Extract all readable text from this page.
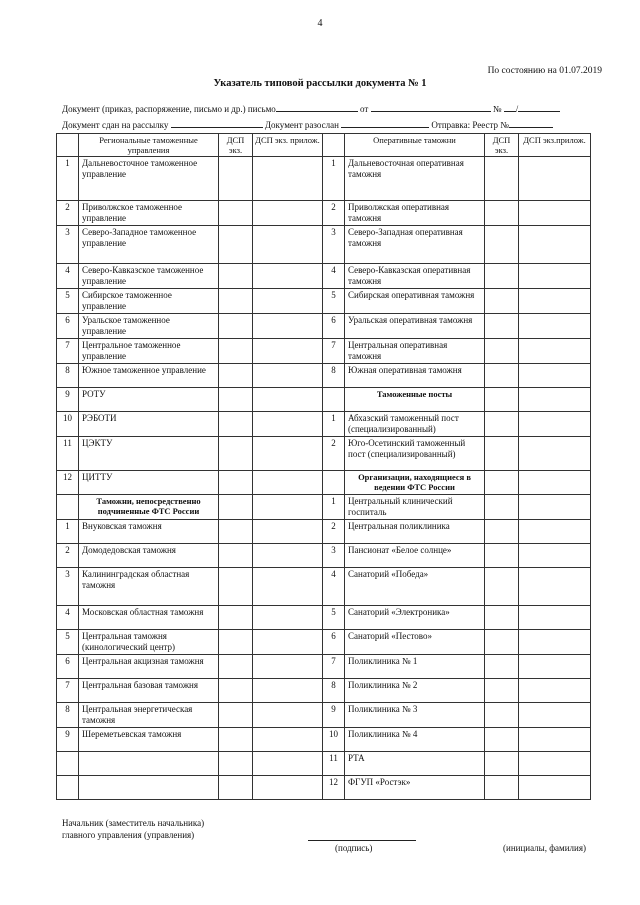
4
По состоянию на 01.07.2019
Указатель типовой рассылки документа № 1
Документ (приказ, распоряжение, письмо и др.) письмо	от	№ /
Документ сдан на рассылку	Документ разослан	Отправка: Реестр №
	Региональные таможенные управления	ДСП экз.	ДСП экз. прилож.		Оперативные таможни	ДСП экз.	ДСП экз.прилож.
1	Дальневосточное таможенное управление			1	Дальневосточная оперативная таможня		
2	Приволжское таможенное управление			2	Приволжская оперативная таможня		
3	Северо-Западное таможенное управление			3	Северо-Западная оперативная таможня		
4	Северо-Кавказское таможенное управление			4	Северо-Кавказская оперативная таможня		
5	Сибирское таможенное управление			5	Сибирская оперативная таможня		
6	Уральское таможенное управление			6	Уральская оперативная таможня		
7	Центральное таможенное управление			7	Центральная оперативная таможня		
8	Южное таможенное управление			8	Южная оперативная таможня		
9	РОТУ				Таможенные посты		
10	РЭБОТИ			1	Абхазский таможенный пост (специализированный)		
11	ЦЭКТУ			2	Юго-Осетинский таможенный пост (специализированный)		
12	ЦИТТУ				Организации, находящиеся в ведении ФТС России		
	Таможни, непосредственно подчиненные ФТС России			1	Центральный клинический госпиталь		
1	Внуковская таможня			2	Центральная поликлиника		
2	Домодедовская таможня			3	Пансионат «Белое солнце»		
3	Калининградская областная таможня			4	Санаторий «Победа»		
4	Московская областная таможня			5	Санаторий «Электроника»		
5	Центральная таможня (кинологический центр)			6	Санаторий «Пестово»		
6	Центральная акцизная таможня			7	Поликлиника № 1		
7	Центральная базовая таможня			8	Поликлиника № 2		
8	Центральная энергетическая таможня			9	Поликлиника № 3		
9	Шереметьевская таможня			10	Поликлиника № 4		
				11	РТА		
				12	ФГУП «Ростэк»		
Начальник (заместитель начальника)
главного управления (управления)
(подпись)	(инициалы, фамилия)
